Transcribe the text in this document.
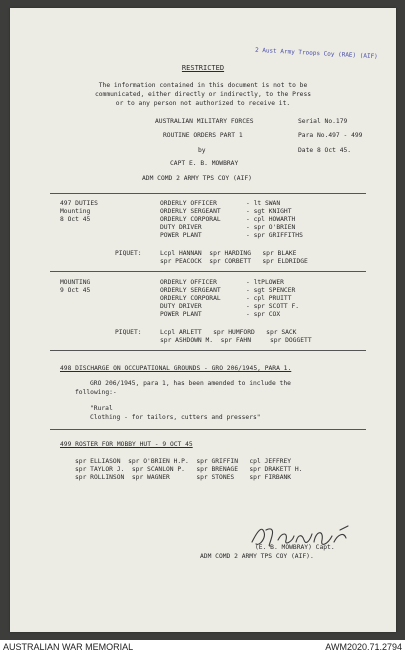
2 Aust Army Troops Coy (RAE) (AIF)
RESTRICTED
The information contained in this document is not to be
communicated, either directly or indirectly, to the Press
or to any person not authorized to receive it.
AUSTRALIAN MILITARY FORCES
ROUTINE ORDERS PART 1
by
CAPT E. B. MOWBRAY
ADM COMD 2 ARMY TPS COY (AIF)
Serial No.179
Para No.497 - 499
Date 8 Oct 45.
497 DUTIES
Mounting
8 Oct 45
ORDERLY OFFICER	- lt SWAN
ORDERLY SERGEANT	- sgt KNIGHT
ORDERLY CORPORAL	- cpl HOWARTH
DUTY DRIVER	- spr O'BRIEN
POWER PLANT	- spr GRIFFITHS
PIQUET:	Lcpl HANNAN  spr HARDING   spr BLAKE
spr PEACOCK  spr CORBETT   spr ELDRIDGE
MOUNTING
9 Oct 45
ORDERLY OFFICER	- ltPLOWER
ORDERLY SERGEANT	- sgt SPENCER
ORDERLY CORPORAL	- cpl PRUITT
DUTY DRIVER	- spr SCOTT F.
POWER PLANT	- spr COX
PIQUET:	Lcpl ARLETT   spr HUMFORD   spr SACK
spr ASHDOWN M.  spr FAHN     spr DOGGETT
498 DISCHARGE ON OCCUPATIONAL GROUNDS - GRO 206/1945, PARA 1.
GRO 206/1945, para 1, has been amended to include the
following:-
"Rural
Clothing - for tailors, cutters and pressers"
499 ROSTER FOR MOBBY HUT - 9 OCT 45
spr ELLIASON  spr O'BRIEN H.P.  spr GRIFFIN   cpl JEFFREY
spr TAYLOR J.  spr SCANLON P.   spr BRENAGE   spr DRAKETT H.
spr ROLLINSON  spr WAGNER       spr STONES    spr FIRBANK
(E. B. MOWBRAY) Capt.
ADM COMD 2 ARMY TPS COY (AIF).
AUSTRALIAN WAR MEMORIAL	AWM2020.71.2794
